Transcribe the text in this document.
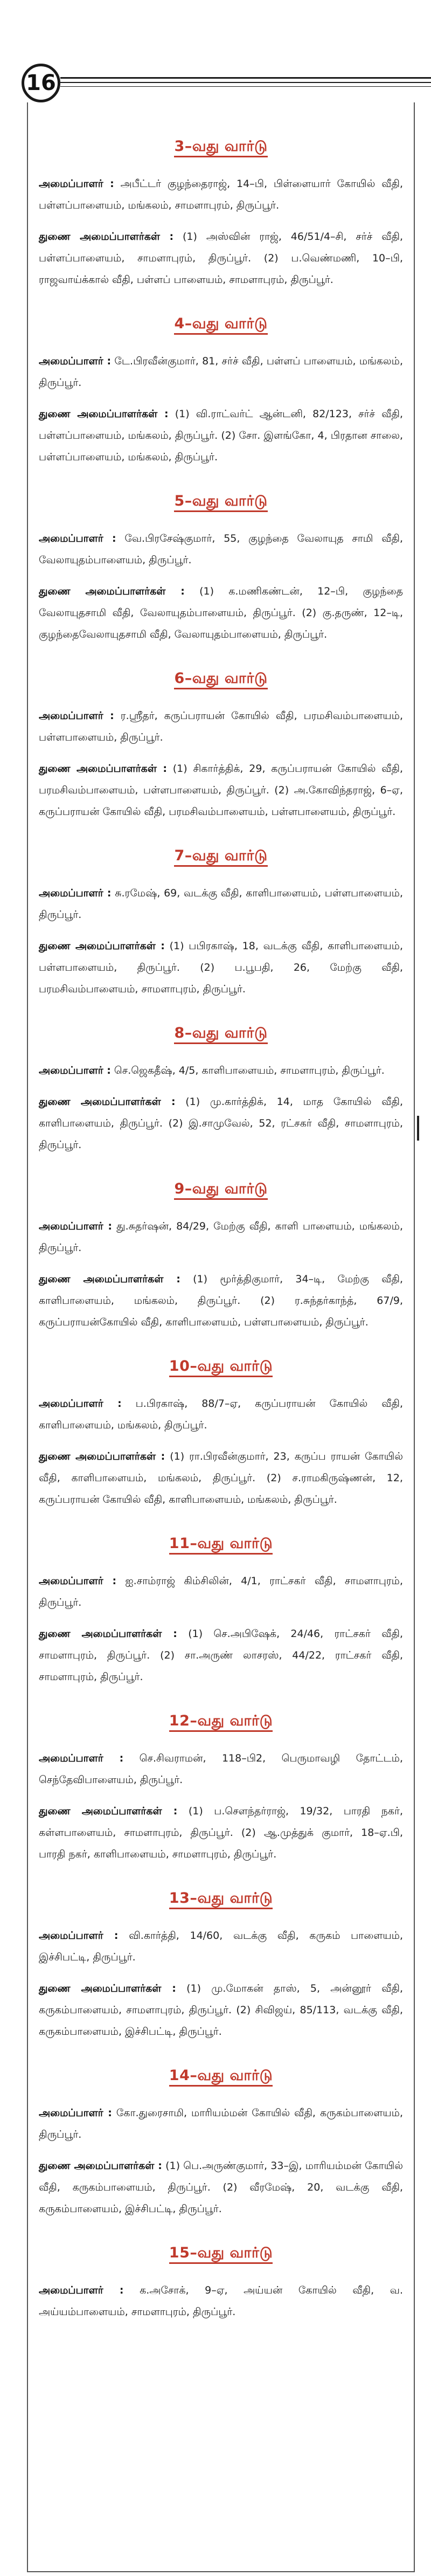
16
3–வது வார்டு

அமைப்பாளர் : அபீட்டர் குழந்தைராஜ், 14–பி, பிள்ளையார் கோயில் வீதி, பள்ளப்பாளையம், மங்கலம், சாமளாபுரம், திருப்பூர்.

துணை அமைப்பாளர்கள் : (1) அஸ்வின் ராஜ், 46/51/4–சி, சர்ச் வீதி, பள்ளப்பாளையம், சாமளாபுரம், திருப்பூர். (2) ப.வெண்மணி, 10–பி, ராஜவாய்க்கால் வீதி, பள்ளப் பாளையம், சாமளாபுரம், திருப்பூர்.

4–வது வார்டு

அமைப்பாளர் : டே.பிரவீன்குமார், 81, சர்ச் வீதி, பள்ளப் பாளையம், மங்கலம், திருப்பூர்.

துணை அமைப்பாளர்கள் : (1) வி.ராட்வர்ட் ஆன்டனி, 82/123, சர்ச் வீதி, பள்ளப்பாளையம், மங்கலம், திருப்பூர். (2) சோ. இளங்கோ, 4, பிரதான சாலை, பள்ளப்பாளையம், மங்கலம், திருப்பூர்.

5–வது வார்டு

அமைப்பாளர் : வே.பிரசேஷ்குமார், 55, குழந்தை வேலாயுத சாமி வீதி, வேலாயுதம்பாளையம், திருப்பூர்.

துணை அமைப்பாளர்கள் : (1) க.மணிகண்டன், 12–பி, குழந்தை வேலாயுதசாமி வீதி, வேலாயுதம்பாளையம், திருப்பூர். (2) கு.தருண், 12–டி, குழந்தைவேலாயுதசாமி வீதி, வேலாயுதம்பாளையம், திருப்பூர்.

6–வது வார்டு

அமைப்பாளர் : ர.ஸ்ரீதர், கருப்பராயன் கோயில் வீதி, பரமசிவம்பாளையம், பள்ளபாளையம், திருப்பூர்.

துணை அமைப்பாளர்கள் : (1) சிகார்த்திக், 29, கருப்பராயன் கோயில் வீதி, பரமசிவம்பாளையம், பள்ளபாளையம், திருப்பூர். (2) அ.கோவிந்தராஜ், 6–ஏ, கருப்பராயன் கோயில் வீதி, பரமசிவம்பாளையம், பள்ளபாளையம், திருப்பூர்.

7–வது வார்டு

அமைப்பாளர் : சு.ரமேஷ், 69, வடக்கு வீதி, காளிபாளையம், பள்ளபாளையம், திருப்பூர்.

துணை அமைப்பாளர்கள் : (1) பபிரகாஷ், 18, வடக்கு வீதி, காளிபாளையம், பள்ளபாளையம், திருப்பூர். (2) ப.பூபதி, 26, மேற்கு வீதி, பரமசிவம்பாளையம், சாமளாபுரம், திருப்பூர்.

8–வது வார்டு

அமைப்பாளர் : செ.ஜெகதீஷ், 4/5, காளிபாளையம், சாமளாபுரம், திருப்பூர்.

துணை அமைப்பாளர்கள் : (1) மு.கார்த்திக், 14, மாத கோயில் வீதி, காளிபாளையம், திருப்பூர். (2) இ.சாமுவேல், 52, ரட்சகர் வீதி, சாமளாபுரம், திருப்பூர்.

9–வது வார்டு

அமைப்பாளர் : து.சுதர்ஷன், 84/29, மேற்கு வீதி, காளி பாளையம், மங்கலம், திருப்பூர்.

துணை அமைப்பாளர்கள் : (1) மூர்த்திகுமார், 34–டி, மேற்கு வீதி, காளிபாளையம், மங்கலம், திருப்பூர். (2) ர.சுந்தர்காந்த், 67/9, கருப்பராயன்கோயில் வீதி, காளிபாளையம், பள்ளபாளையம், திருப்பூர்.

10–வது வார்டு

அமைப்பாளர் : ப.பிரகாஷ், 88/7–ஏ, கருப்பராயன் கோயில் வீதி, காளிபாளையம், மங்கலம், திருப்பூர்.

துணை அமைப்பாளர்கள் : (1) ரா.பிரவீன்குமார், 23, கருப்ப ராயன் கோயில் வீதி, காளிபாளையம், மங்கலம், திருப்பூர். (2) ச.ராமகிருஷ்ணன், 12, கருப்பராயன் கோயில் வீதி, காளிபாளையம், மங்கலம், திருப்பூர்.

11–வது வார்டு

அமைப்பாளர் : ஐ.சாம்ராஜ் கிம்சிலின், 4/1, ராட்சகர் வீதி, சாமளாபுரம், திருப்பூர்.

துணை அமைப்பாளர்கள் : (1) செ.அபிஷேக், 24/46, ராட்சகர் வீதி, சாமளாபுரம், திருப்பூர். (2) சா.அருண் லாசரஸ், 44/22, ராட்சகர் வீதி, சாமளாபுரம், திருப்பூர்.

12–வது வார்டு

அமைப்பாளர் : செ.சிவராமன், 118–பி2, பெருமாவழி தோட்டம், செந்தேவிபாளையம், திருப்பூர்.

துணை அமைப்பாளர்கள் : (1) ப.சௌந்தர்ராஜ், 19/32, பாரதி நகர், கள்ளபாளையம், சாமளாபுரம், திருப்பூர். (2) ஆ.முத்துக் குமார், 18–ஏ.பி, பாரதி நகர், காளிபாளையம், சாமளாபுரம், திருப்பூர்.

13–வது வார்டு

அமைப்பாளர் : வி.கார்த்தி, 14/60, வடக்கு வீதி, கருகம் பாளையம், இச்சிபட்டி, திருப்பூர்.

துணை அமைப்பாளர்கள் : (1) மு.மோகன் தாஸ், 5, அன்னூர் வீதி, கருகம்பாளையம், சாமளாபுரம், திருப்பூர். (2) சிவிஜய், 85/113, வடக்கு வீதி, கருகம்பாளையம், இச்சிபட்டி, திருப்பூர்.

14–வது வார்டு

அமைப்பாளர் : கோ.துரைசாமி, மாரியம்மன் கோயில் வீதி, கருகம்பாளையம், திருப்பூர்.

துணை அமைப்பாளர்கள் : (1) பெ.அருண்குமார், 33–இ, மாரியம்மன் கோயில் வீதி, கருகம்பாளையம், திருப்பூர். (2) வீரமேஷ், 20, வடக்கு வீதி, கருகம்பாளையம், இச்சிபட்டி, திருப்பூர்.

15–வது வார்டு

அமைப்பாளர் : க.அசோக், 9–ஏ, அய்யன் கோயில் வீதி, வ. அய்யம்பாளையம், சாமளாபுரம், திருப்பூர்.
